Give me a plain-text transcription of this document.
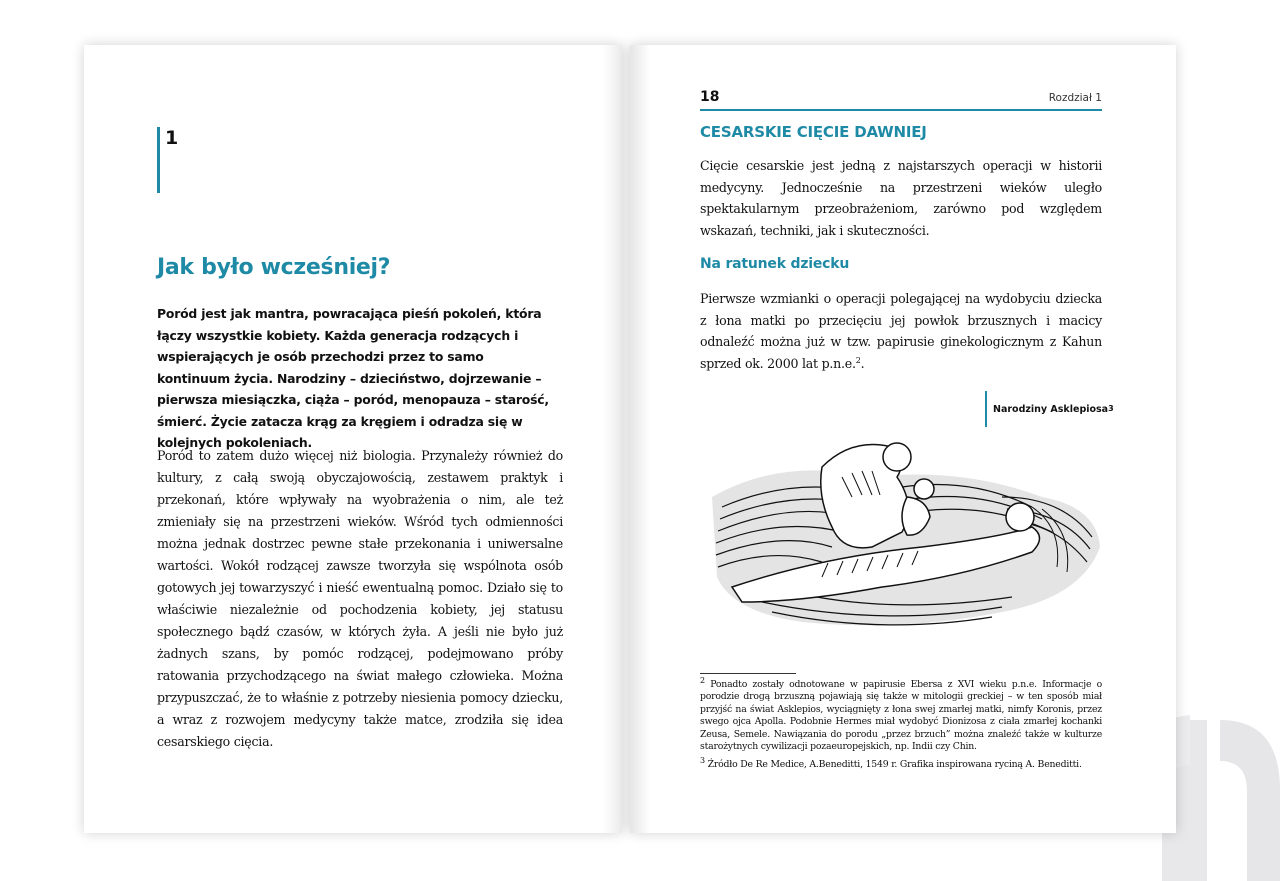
1
Jak było wcześniej?

Poród jest jak mantra, powracająca pieśń pokoleń, która łączy wszystkie kobiety. Każda generacja rodzących i wspierających je osób przechodzi przez to samo kontinuum życia. Narodziny – dzieciństwo, dojrzewanie – pierwsza miesiączka, ciąża – poród, menopauza – starość, śmierć. Życie zatacza krąg za kręgiem i odradza się w kolejnych pokoleniach.

Poród to zatem dużo więcej niż biologia. Przynależy również do kultury, z całą swoją obyczajowością, zestawem praktyk i przekonań, które wpływały na wyobrażenia o nim, ale też zmieniały się na przestrzeni wieków. Wśród tych odmienności można jednak dostrzec pewne stałe przekonania i uniwersalne wartości. Wokół rodzącej zawsze tworzyła się wspólnota osób gotowych jej towarzyszyć i nieść ewentualną pomoc. Działo się to właściwie niezależnie od pochodzenia kobiety, jej statusu społecznego bądź czasów, w których żyła. A jeśli nie było już żadnych szans, by pomóc rodzącej, podejmowano próby ratowania przychodzącego na świat małego człowieka. Można przypuszczać, że to właśnie z potrzeby niesienia pomocy dziecku, a wraz z rozwojem medycyny także matce, zrodziła się idea cesarskiego cięcia.

18	Rozdział 1
CESARSKIE CIĘCIE DAWNIEJ

Cięcie cesarskie jest jedną z najstarszych operacji w historii medycyny. Jednocześnie na przestrzeni wieków uległo spektakularnym przeobrażeniom, zarówno pod względem wskazań, techniki, jak i skuteczności.

Na ratunek dziecku

Pierwsze wzmianki o operacji polegającej na wydobyciu dziecka z łona matki po przecięciu jej powłok brzusznych i macicy odnaleźć można już w tzw. papirusie ginekologicznym z Kahun sprzed ok. 2000 lat p.n.e.$^2$.

Narodziny Asklepiosa 3

$^2$ Ponadto zostały odnotowane w papirusie Ebersa z XVI wieku p.n.e. Informacje o porodzie drogą brzuszną pojawiają się także w mitologii greckiej – w ten sposób miał przyjść na świat Asklepios, wyciągnięty z łona swej zmarłej matki, nimfy Koronis, przez swego ojca Apolla. Podobnie Hermes miał wydobyć Dionizosa z ciała zmarłej kochanki Zeusa, Semele. Nawiązania do porodu „przez brzuch” można znaleźć także w kulturze starożytnych cywilizacji pozaeuropejskich, np. Indii czy Chin.

$^3$ Źródło De Re Medice, A.Beneditti, 1549 r. Grafika inspirowana ryciną A. Beneditti.
